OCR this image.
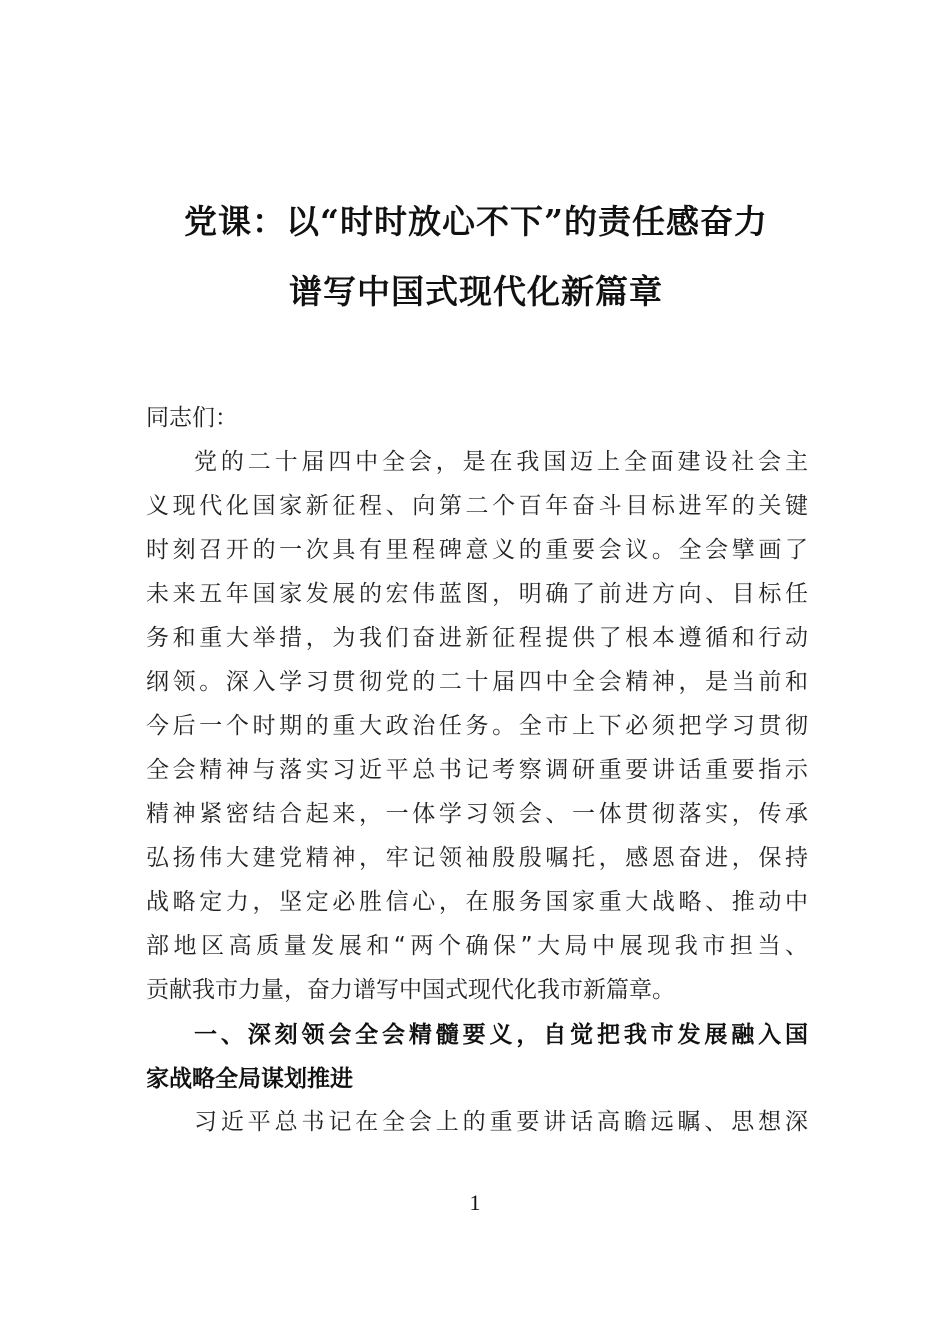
党课：以“时时放心不下”的责任感奋力
谱写中国式现代化新篇章
同志们：
党的二十届四中全会，是在我国迈上全面建设社会主
义现代化国家新征程、向第二个百年奋斗目标进军的关键
时刻召开的一次具有里程碑意义的重要会议。全会擘画了
未来五年国家发展的宏伟蓝图，明确了前进方向、目标任
务和重大举措，为我们奋进新征程提供了根本遵循和行动
纲领。深入学习贯彻党的二十届四中全会精神，是当前和
今后一个时期的重大政治任务。全市上下必须把学习贯彻
全会精神与落实习近平总书记考察调研重要讲话重要指示
精神紧密结合起来，一体学习领会、一体贯彻落实，传承
弘扬伟大建党精神，牢记领袖殷殷嘱托，感恩奋进，保持
战略定力，坚定必胜信心，在服务国家重大战略、推动中
部地区高质量发展和“两个确保”大局中展现我市担当、
贡献我市力量，奋力谱写中国式现代化我市新篇章。
一、深刻领会全会精髓要义，自觉把我市发展融入国
家战略全局谋划推进
习近平总书记在全会上的重要讲话高瞻远瞩、思想深
1
